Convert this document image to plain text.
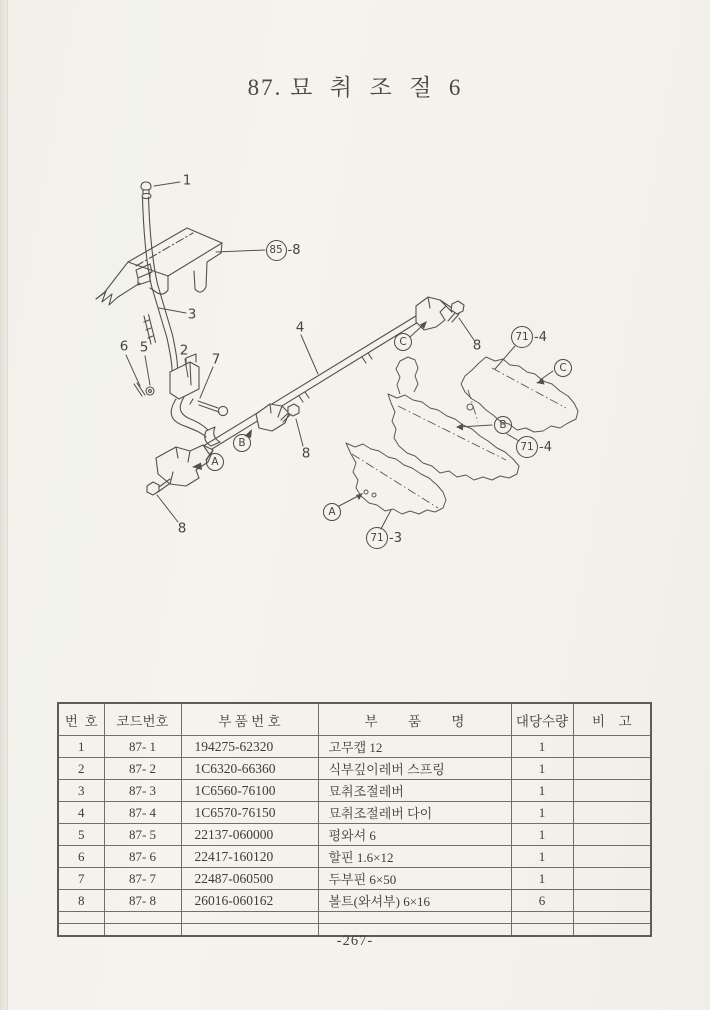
87. 묘  취  조  절  6
1
85 -8
3
6 5 2
7
4
C	8
71 -4
C
B
71 -4
B
A
8
8
A
71 -3
번  호	코드번호	부 품 번 호	부         품         명	대당수량	비    고
1	87- 1	194275-62320	고무캡 12	1	
2	87- 2	1C6320-66360	식부깊이레버 스프링	1	
3	87- 3	1C6560-76100	묘취조절레버	1	
4	87- 4	1C6570-76150	묘취조절레버 다이	1	
5	87- 5	22137-060000	평와셔 6	1	
6	87- 6	22417-160120	할핀 1.6×12	1	
7	87- 7	22487-060500	두부핀 6×50	1	
8	87- 8	26016-060162	볼트(와셔부) 6×16	6	

-267-
